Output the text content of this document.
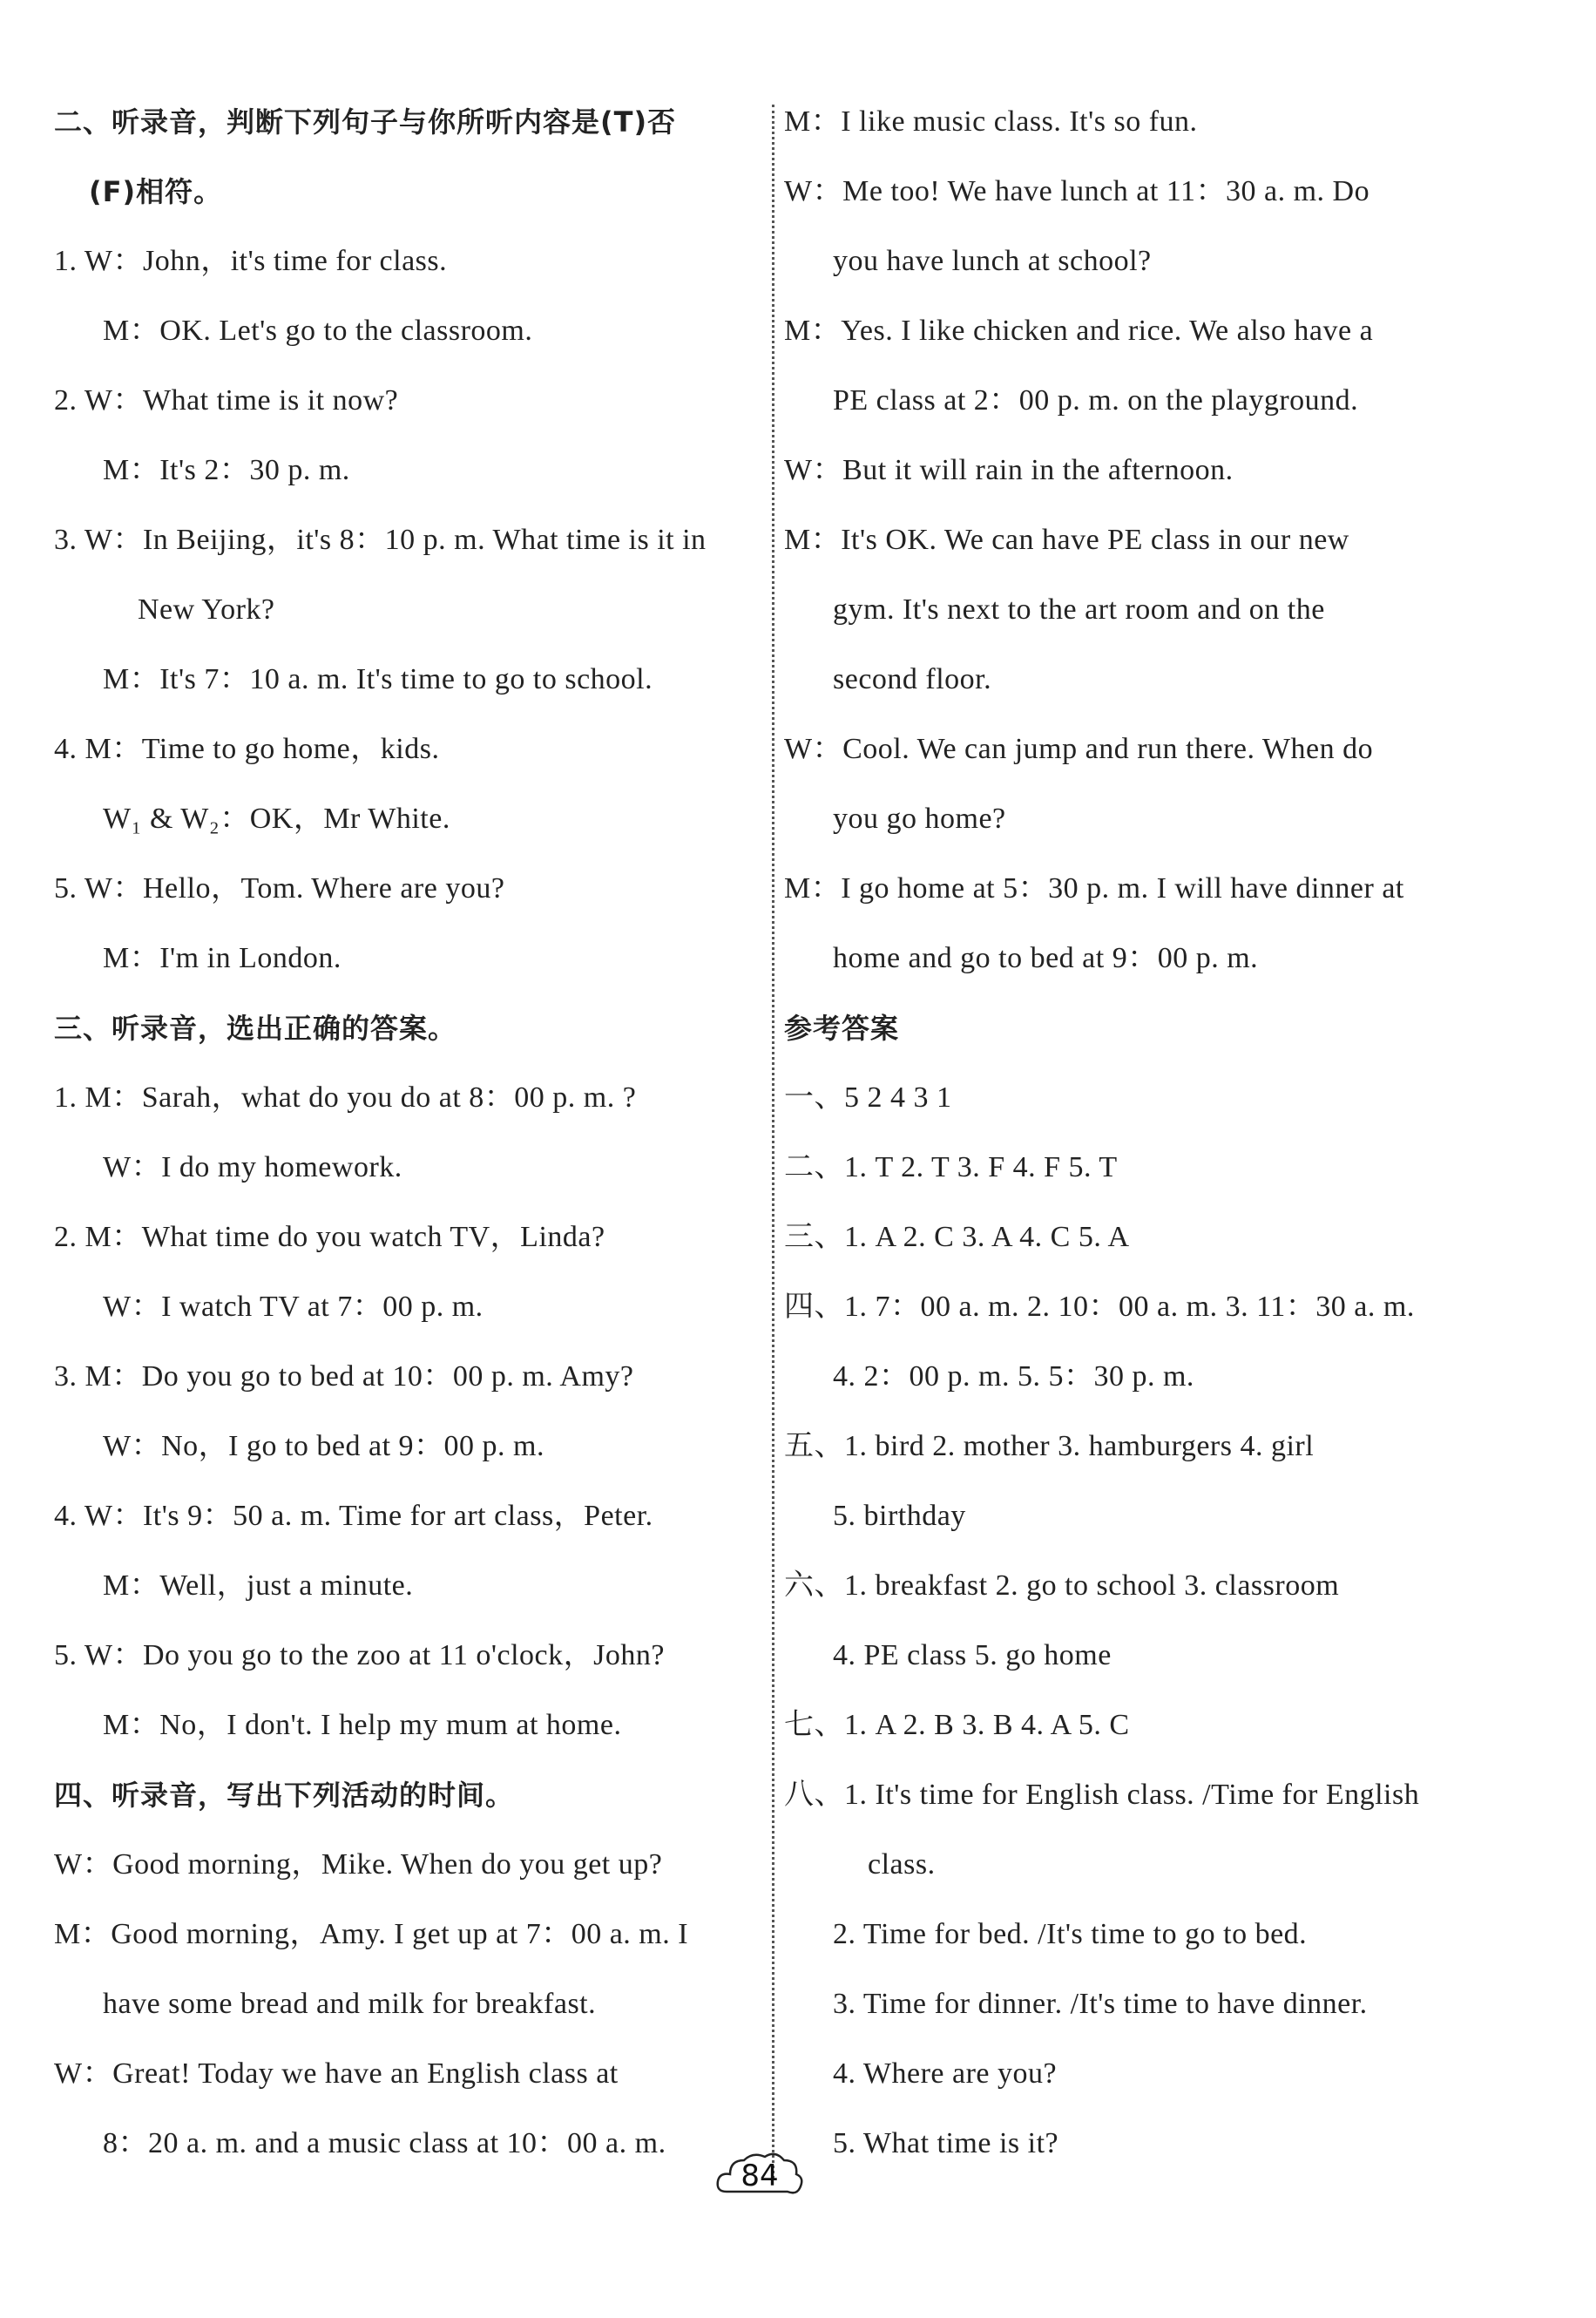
二、听录音，判断下列句子与你所听内容是(T)否
(F)相符。
1. W：John，it's time for class.
M：OK. Let's go to the classroom.
2. W：What time is it now?
M：It's 2：30 p. m.
3. W：In Beijing，it's 8：10 p. m. What time is it in
New York?
M：It's 7：10 a. m. It's time to go to school.
4. M：Time to go home，kids.
W₁ & W₂：OK，Mr White.
5. W：Hello，Tom. Where are you?
M：I'm in London.
三、听录音，选出正确的答案。
1. M：Sarah，what do you do at 8：00 p. m. ?
W：I do my homework.
2. M：What time do you watch TV，Linda?
W：I watch TV at 7：00 p. m.
3. M：Do you go to bed at 10：00 p. m. Amy?
W：No，I go to bed at 9：00 p. m.
4. W：It's 9：50 a. m. Time for art class，Peter.
M：Well，just a minute.
5. W：Do you go to the zoo at 11 o'clock，John?
M：No，I don't. I help my mum at home.
四、听录音，写出下列活动的时间。
W：Good morning，Mike. When do you get up?
M：Good morning，Amy. I get up at 7：00 a. m. I
have some bread and milk for breakfast.
W：Great! Today we have an English class at
8：20 a. m. and a music class at 10：00 a. m.
M：I like music class. It's so fun.
W：Me too! We have lunch at 11：30 a. m. Do
you have lunch at school?
M：Yes. I like chicken and rice. We also have a
PE class at 2：00 p. m. on the playground.
W：But it will rain in the afternoon.
M：It's OK. We can have PE class in our new
gym. It's next to the art room and on the
second floor.
W：Cool. We can jump and run there. When do
you go home?
M：I go home at 5：30 p. m. I will have dinner at
home and go to bed at 9：00 p. m.
参考答案
一、5 2 4 3 1
二、1. T 2. T 3. F 4. F 5. T
三、1. A 2. C 3. A 4. C 5. A
四、1. 7：00 a. m. 2. 10：00 a. m. 3. 11：30 a. m.
4. 2：00 p. m. 5. 5：30 p. m.
五、1. bird 2. mother 3. hamburgers 4. girl
5. birthday
六、1. breakfast 2. go to school 3. classroom
4. PE class 5. go home
七、1. A 2. B 3. B 4. A 5. C
八、1. It's time for English class. /Time for English
class.
2. Time for bed. /It's time to go to bed.
3. Time for dinner. /It's time to have dinner.
4. Where are you?
5. What time is it?
84
